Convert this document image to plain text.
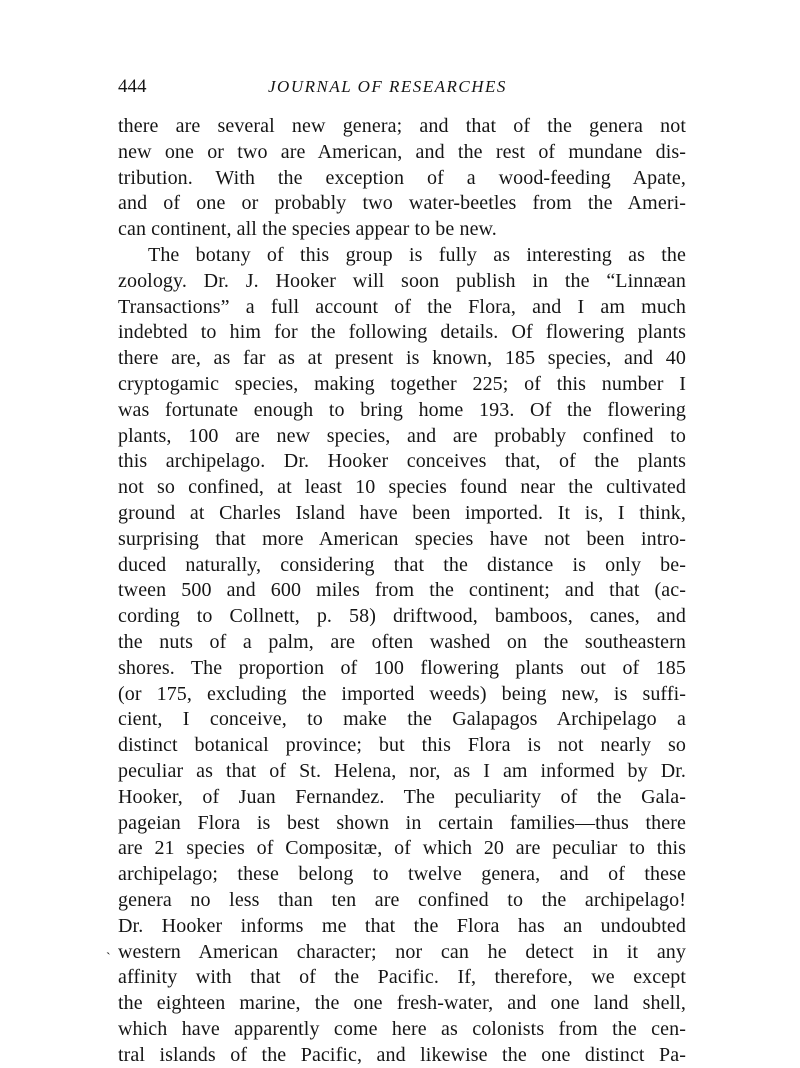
444	JOURNAL OF RESEARCHES
there are several new genera; and that of the genera not
new one or two are American, and the rest of mundane dis-
tribution. With the exception of a wood-feeding Apate,
and of one or probably two water-beetles from the Ameri-
can continent, all the species appear to be new.
The botany of this group is fully as interesting as the
zoology. Dr. J. Hooker will soon publish in the “Linnæan
Transactions” a full account of the Flora, and I am much
indebted to him for the following details. Of flowering plants
there are, as far as at present is known, 185 species, and 40
cryptogamic species, making together 225; of this number I
was fortunate enough to bring home 193. Of the flowering
plants, 100 are new species, and are probably confined to
this archipelago. Dr. Hooker conceives that, of the plants
not so confined, at least 10 species found near the cultivated
ground at Charles Island have been imported. It is, I think,
surprising that more American species have not been intro-
duced naturally, considering that the distance is only be-
tween 500 and 600 miles from the continent; and that (ac-
cording to Collnett, p. 58) driftwood, bamboos, canes, and
the nuts of a palm, are often washed on the southeastern
shores. The proportion of 100 flowering plants out of 185
(or 175, excluding the imported weeds) being new, is suffi-
cient, I conceive, to make the Galapagos Archipelago a
distinct botanical province; but this Flora is not nearly so
peculiar as that of St. Helena, nor, as I am informed by Dr.
Hooker, of Juan Fernandez. The peculiarity of the Gala-
pageian Flora is best shown in certain families—thus there
are 21 species of Compositæ, of which 20 are peculiar to this
archipelago; these belong to twelve genera, and of these
genera no less than ten are confined to the archipelago!
Dr. Hooker informs me that the Flora has an undoubted
western American character; nor can he detect in it any
affinity with that of the Pacific. If, therefore, we except
the eighteen marine, the one fresh-water, and one land shell,
which have apparently come here as colonists from the cen-
tral islands of the Pacific, and likewise the one distinct Pa-
`
